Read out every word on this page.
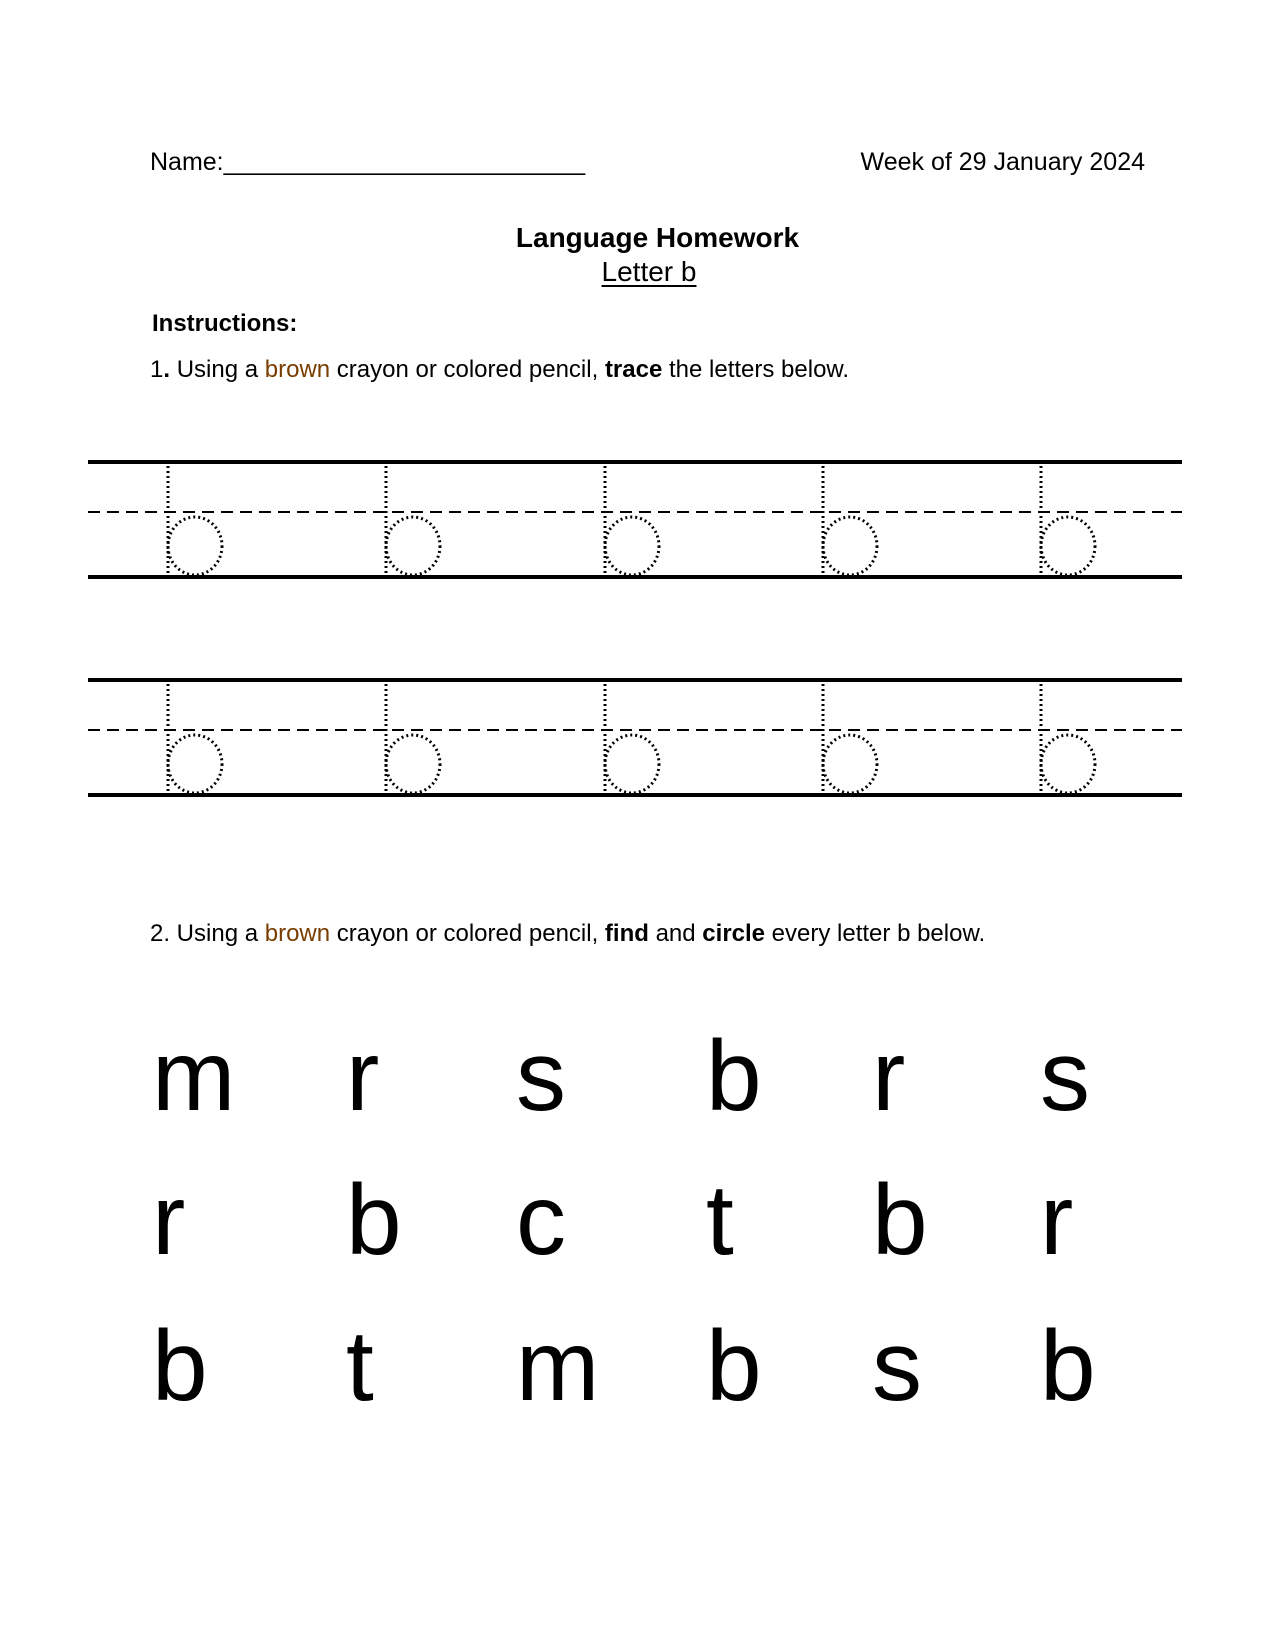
Name:__________________________	Week of 29 January 2024
Language Homework
Letter b
Instructions:
1. Using a brown crayon or colored pencil, trace the letters below.
2. Using a brown crayon or colored pencil, find and circle every letter b below.
m r s b r s
r b c t b r
b t m b s b
